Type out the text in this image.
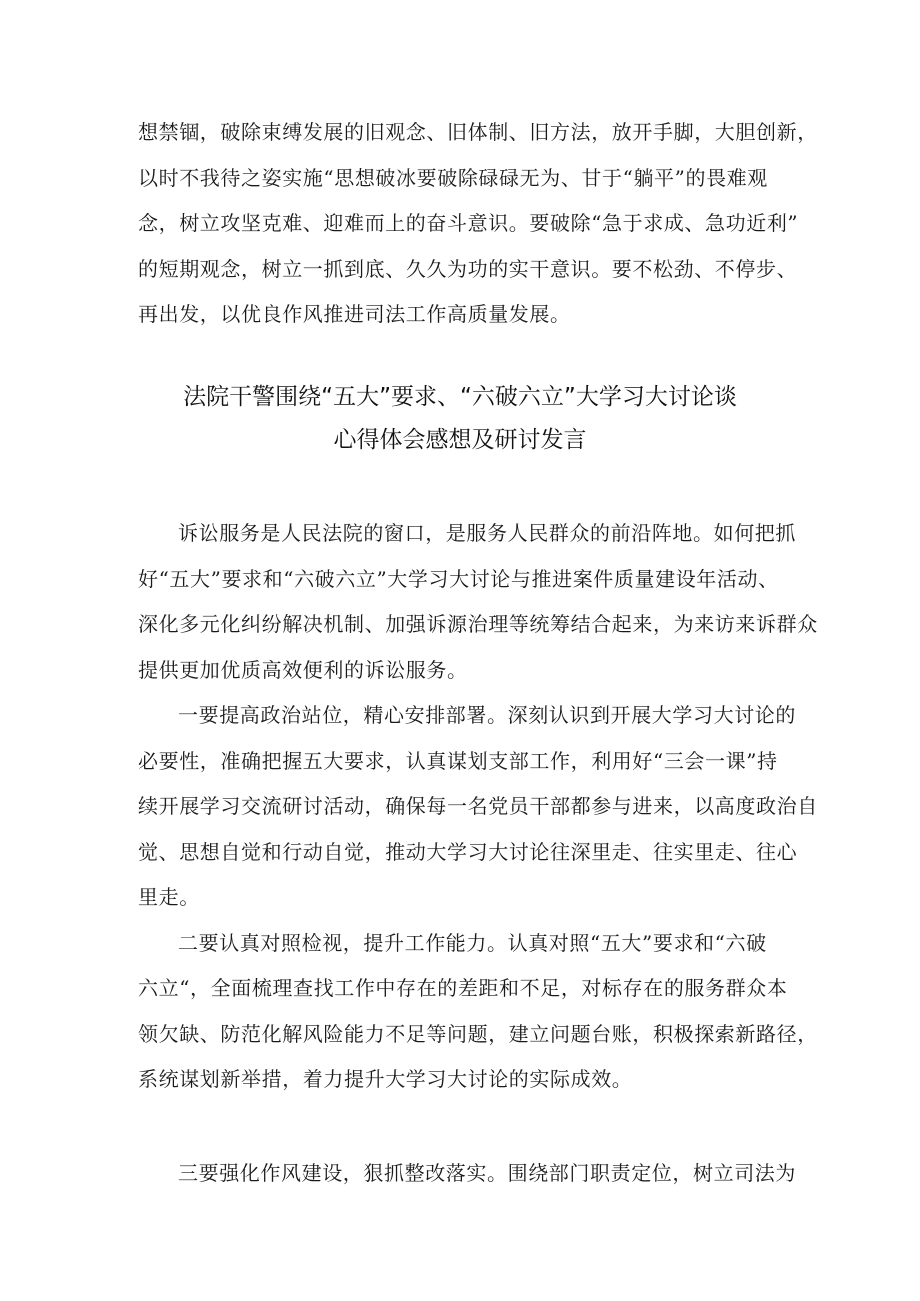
想禁锢，破除束缚发展的旧观念、旧体制、旧方法，放开手脚，大胆创新，
以时不我待之姿实施“思想破冰要破除碌碌无为、甘于“躺平”的畏难观
念，树立攻坚克难、迎难而上的奋斗意识。要破除“急于求成、急功近利”
的短期观念，树立一抓到底、久久为功的实干意识。要不松劲、不停步、
再出发，以优良作风推进司法工作高质量发展。
法院干警围绕“五大”要求、“六破六立”大学习大讨论谈
心得体会感想及研讨发言
诉讼服务是人民法院的窗口，是服务人民群众的前沿阵地。如何把抓
好“五大”要求和“六破六立”大学习大讨论与推进案件质量建设年活动、
深化多元化纠纷解决机制、加强诉源治理等统筹结合起来，为来访来诉群众
提供更加优质高效便利的诉讼服务。
一要提高政治站位，精心安排部署。深刻认识到开展大学习大讨论的
必要性，准确把握五大要求，认真谋划支部工作，利用好“三会一课”持
续开展学习交流研讨活动，确保每一名党员干部都参与进来，以高度政治自
觉、思想自觉和行动自觉，推动大学习大讨论往深里走、往实里走、往心
里走。
二要认真对照检视，提升工作能力。认真对照“五大”要求和“六破
六立“，全面梳理查找工作中存在的差距和不足，对标存在的服务群众本
领欠缺、防范化解风险能力不足等问题，建立问题台账，积极探索新路径，
系统谋划新举措，着力提升大学习大讨论的实际成效。
三要强化作风建设，狠抓整改落实。围绕部门职责定位，树立司法为
